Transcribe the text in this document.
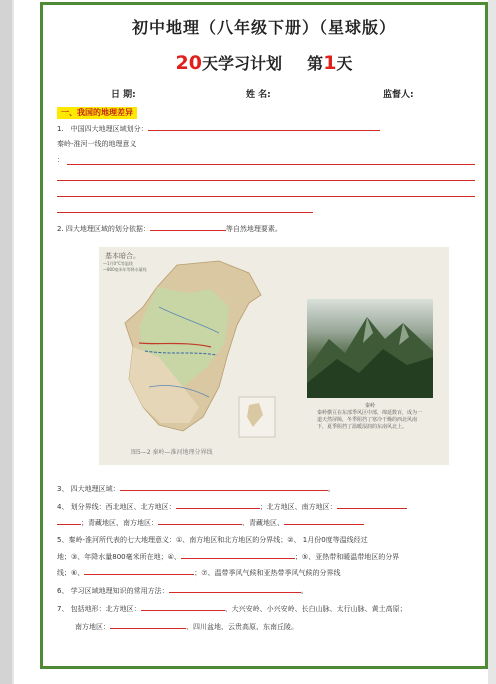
初中地理（八年级下册）（星球版）
20天学习计划 第1天
日 期:	姓 名:	监督人:
一、我国的地理差异
1.　中国四大地理区域划分：
秦岭-淮河一线的地理意义
：
2. 四大地理区域的划分依据：	等自然地理要素。
基本暗合。
—1月0°C等温线
—800毫米年等降水量线
秦岭
秦岭横亘在东部季风区中部，绵延数百，成为一道天然屏障，冬季阻挡了寒冷干燥的西北风南下，夏季阻挡了温暖湿润的东南风北上。
图5—2 秦岭—淮河地理分界线
3、 四大地理区域：	。
4、 划分界线：西北地区、北方地区：	；北方地区、南方地区：
；青藏地区、南方地区：	、青藏地区、
5、秦岭-淮河所代表的七大地理意义：①、南方地区和北方地区的分界线；②、 1月份0度等温线经过
地；③、年降水量800毫米所在地；④、	；⑤、亚热带和暖温带地区的分界
线；⑥、	；⑦、温带季风气候和亚热带季风气候的分界线
6、 学习区域地理知识的常用方法：	。
7、 包括地形：北方地区：	、大兴安岭、小兴安岭、长白山脉、太行山脉、黄土高原；
南方地区：	、四川盆地、云贵高原、东南丘陵。
